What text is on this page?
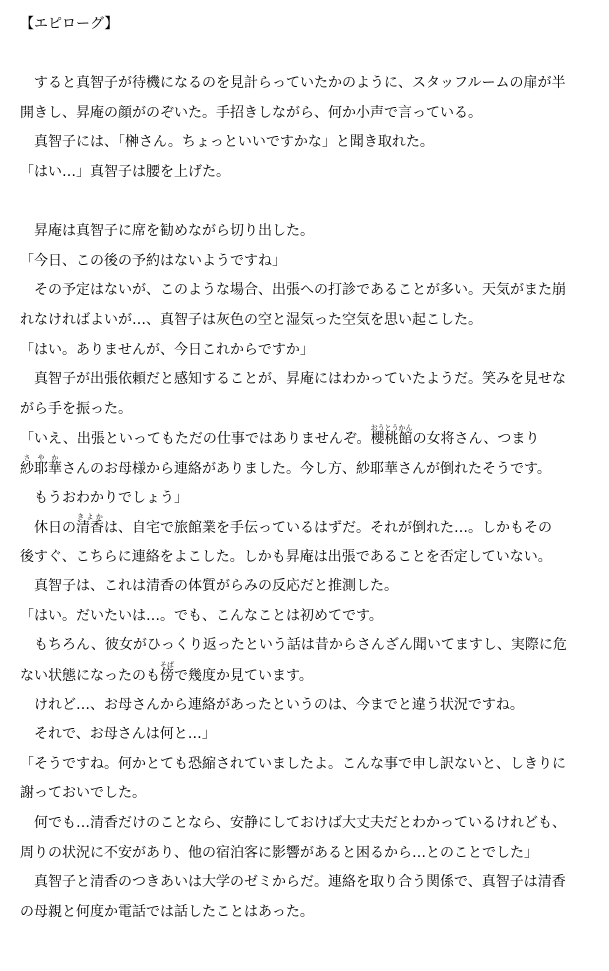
【エピローグ】
すると真智子が待機になるのを見計らっていたかのように、スタッフルームの扉が半
開きし、昇庵の顔がのぞいた。手招きしながら、何か小声で言っている。
真智子には、「榊さん。ちょっといいですかな」と聞き取れた。
「はい…」真智子は腰を上げた。
昇庵は真智子に席を勧めながら切り出した。
「今日、この後の予約はないようですね」
その予定はないが、このような場合、出張への打診であることが多い。天気がまた崩
れなければよいが…、真智子は灰色の空と湿気った空気を思い起こした。
「はい。ありませんが、今日これからですか」
真智子が出張依頼だと感知することが、昇庵にはわかっていたようだ。笑みを見せな
がら手を振った。
「いえ、出張といってもただの仕事ではありませんぞ。櫻桃館おうとうかんの女将さん、つまり
紗耶華さやかさんのお母様から連絡がありました。今し方、紗耶華さんが倒れたそうです。
もうおわかりでしょう」
休日の清香きよかは、自宅で旅館業を手伝っているはずだ。それが倒れた…。しかもその
後すぐ、こちらに連絡をよこした。しかも昇庵は出張であることを否定していない。
真智子は、これは清香の体質がらみの反応だと推測した。
「はい。だいたいは…。でも、こんなことは初めてです。
もちろん、彼女がひっくり返ったという話は昔からさんざん聞いてますし、実際に危
ない状態になったのも傍そばで幾度か見ています。
けれど…、お母さんから連絡があったというのは、今までと違う状況ですね。
それで、お母さんは何と…」
「そうですね。何かとても恐縮されていましたよ。こんな事で申し訳ないと、しきりに
謝っておいでした。
何でも…清香だけのことなら、安静にしておけば大丈夫だとわかっているけれども、
周りの状況に不安があり、他の宿泊客に影響があると困るから…とのことでした」
真智子と清香のつきあいは大学のゼミからだ。連絡を取り合う関係で、真智子は清香
の母親と何度か電話では話したことはあった。
